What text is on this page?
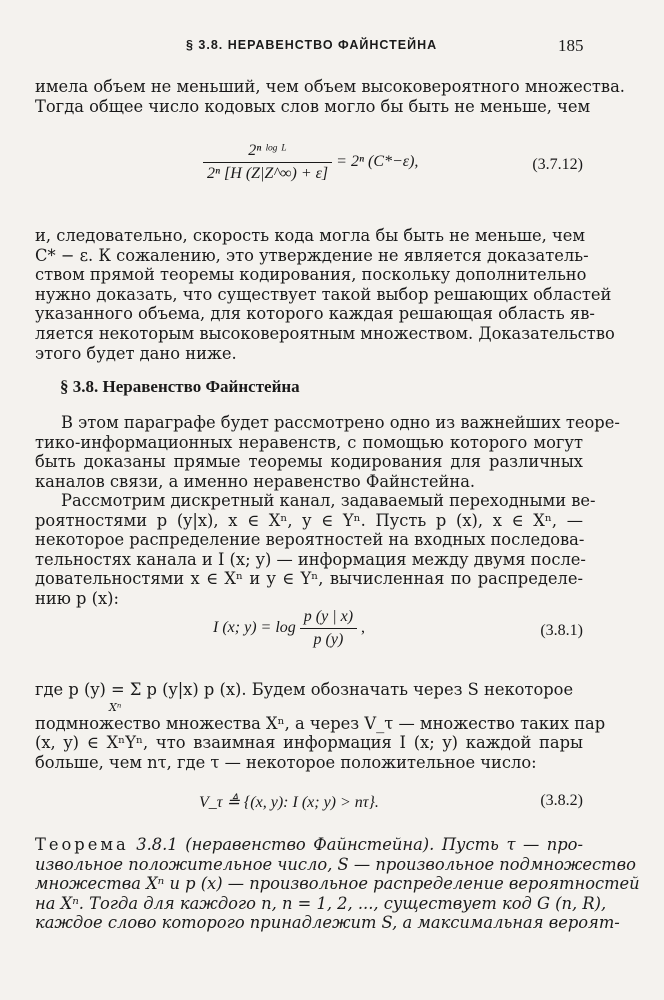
§ 3.8. НЕРАВЕНСТВО ФАЙНСТЕЙНА	185
имела объем не меньший, чем объем высоковероятного множества.
Тогда общее число кодовых слов могло бы быть не меньше, чем
$\frac{\text{2ⁿ ˡᵒᵍ ᴸ}}{\text{2ⁿ [H (Z|Z\textasciicircum{}∞) + ε]}} = 2^n$ (C*−ε),	(3.7.12)
и, следовательно, скорость кода могла бы быть не меньше, чем
C* − ε. К сожалению, это утверждение не является доказатель-
ством прямой теоремы кодирования, поскольку дополнительно
нужно доказать, что существует такой выбор решающих областей
указанного объема, для которого каждая решающая область яв-
ляется некоторым высоковероятным множеством. Доказательство
этого будет дано ниже.
§ 3.8. Неравенство Файнстейна
В этом параграфе будет рассмотрено одно из важнейших теоре-
тико-информационных неравенств, с помощью которого могут
быть доказаны прямые теоремы кодирования для различных
каналов связи, а именно неравенство Файнстейна.
Рассмотрим дискретный канал, задаваемый переходными ве-
роятностями p (y|x), x ∈ Xⁿ, y ∈ Yⁿ. Пусть p (x), x ∈ Xⁿ, —
некоторое распределение вероятностей на входных последова-
тельностях канала и I (x; y) — информация между двумя после-
довательностями x ∈ Xⁿ и y ∈ Yⁿ, вычисленная по распределе-
нию p (x):
I (x; $y) = \log \frac{p (y | x)}{p (y)}$ ,	(3.8.1)
где p (y) = Σ p (y|x) p (x). Будем обозначать через S некоторое
Xⁿ
подмножество множества Xⁿ, а через V_τ — множество таких пар
(x, y) ∈ XⁿYⁿ, что взаимная информация I (x; y) каждой пары
больше, чем nτ, где τ — некоторое положительное число:
V_τ ≜ {(x, y): I (x; y) > nτ}.	(3.8.2)
Теорема 3.8.1 (неравенство Файнстейна). Пусть τ — про-
извольное положительное число, S — произвольное подмножество
множества Xⁿ и p (x) — произвольное распределение вероятностей
на Xⁿ. Тогда для каждого n, n = 1, 2, ..., существует код G (n, R),
каждое слово которого принадлежит S, а максимальная вероят-
